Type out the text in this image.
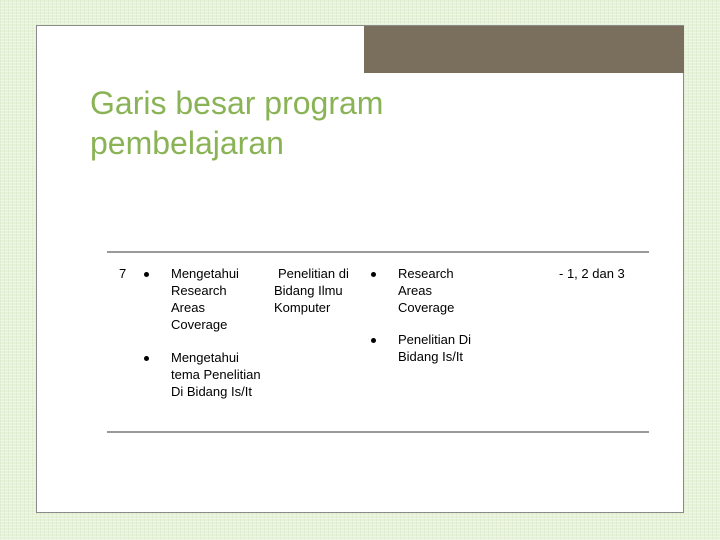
Garis besar program pembelajaran
7	Mengetahui Research Areas Coverage
Mengetahui tema Penelitian Di Bidang Is/It
Penelitian di Bidang Ilmu Komputer
Research Areas Coverage
Penelitian Di Bidang Is/It
- 1, 2 dan 3
